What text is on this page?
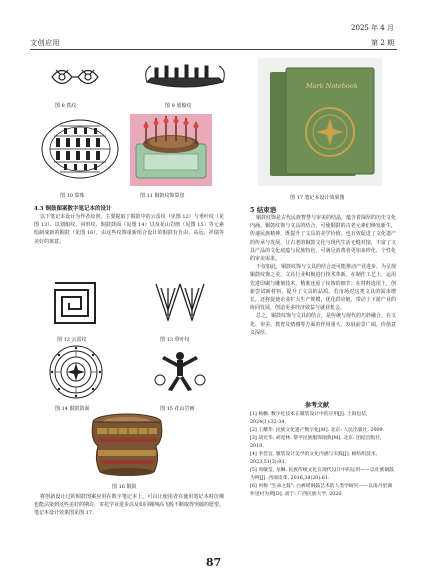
文创应用
2025 年 4 月
第 2 期
图 8 铁纹	图 9 划船纹
图 10 算珠	图 11 铜鼓纹饰算盘
4.3 铜鼓图案数字笔记本的设计

以下笔记本设计为作者原创，主要提取了铜鼓中的云雷纹（见图 12）与垂叶纹（见图 13）、以划船纹、回形纹、铜鼓鼓面（见图 14）以及花山岩画（见图 15）等元素绘制成新的铜鼓（见图 16），由这些纹饰重新组合设计的铜鼓有自由、高远、祥瑞等美好的寓意。

图 12 云雷纹	图 13 垂叶纹
图 14 铜鼓鼓面	图 15 花山岩画
图 16 铜鼓

将创新设计过的铜鼓图案应用在数字笔记本上，可以让使用者在使用笔记本时仿佛也能沾染到这些美好的期许，寄托学业进步以及如同翱翔高飞般不断取得突破的愿望。笔记本设计效果图见图 17。

Mark Notebook
图 17 笔记本设计效果图
5 结束语

铜鼓纹饰是古代民族智慧与审美的结晶，蕴含着深厚的历史文化内涵。铜鼓纹饰与文具的结合，可使铜鼓的古老元素们焕发新生，传递民族精神，既提升了文具的美学价值，也有效促进了文化遗产的传承与发展，让古老的铜鼓文化与现代生活无缝对接，丰富了文具产品的文化底蕴与民族特色，可满足消费者更加多样化、个性化的审美需求。

不仅如此，铜鼓纹饰与文具的结合还可能推动产业进步。为呈现铜鼓纹饰之美，文具行业积极进行技术革新。在制作工艺上，运用先进印刷与雕刻技术，精准还原了纹饰的细节；在材料选用上，创新尝试新材料，提升了文具的品质。若市场对这类文具的需求增长，还将促使企业扩大生产规模，优化供应链，带动上下游产业的协同发展，创造更多经济效益与就业机会。

总之，铜鼓纹饰与文具的结合，是传统与现代的巧妙融合，在文化、审美、教育及情感等方面的作用重大，发展前景广阔，价值意义深厚。

参考文献
[1] 杨鹏. 数字化技术在服装设计中的应用[J]. 上海包装, 2024(1):32-34.
[2] 王耀华. 民族文化遗产数字化[M]. 北京: 人民出版社, 2009.
[3] 胡光华, 胡宽林. 黎平民族服饰图典[M]. 北京: 团结出版社, 2019.
[4] 李佳宜. 服装设计美学的文化内涵与实践[J]. 棉纺织技术, 2023,51(3):93.
[5] 周敏莹, 龙琳. 民族传统文化在现代设计中的运用——以壮族铜鼓为例[J]. 西部皮革, 2016,38(20):61.
[6] 何梅 "生命之鼓": 白裤瑶铜鼓艺术的人类学研究——以南丹里湖怀里村为例[D]. 南宁: 广西民族大学, 2020.
87
